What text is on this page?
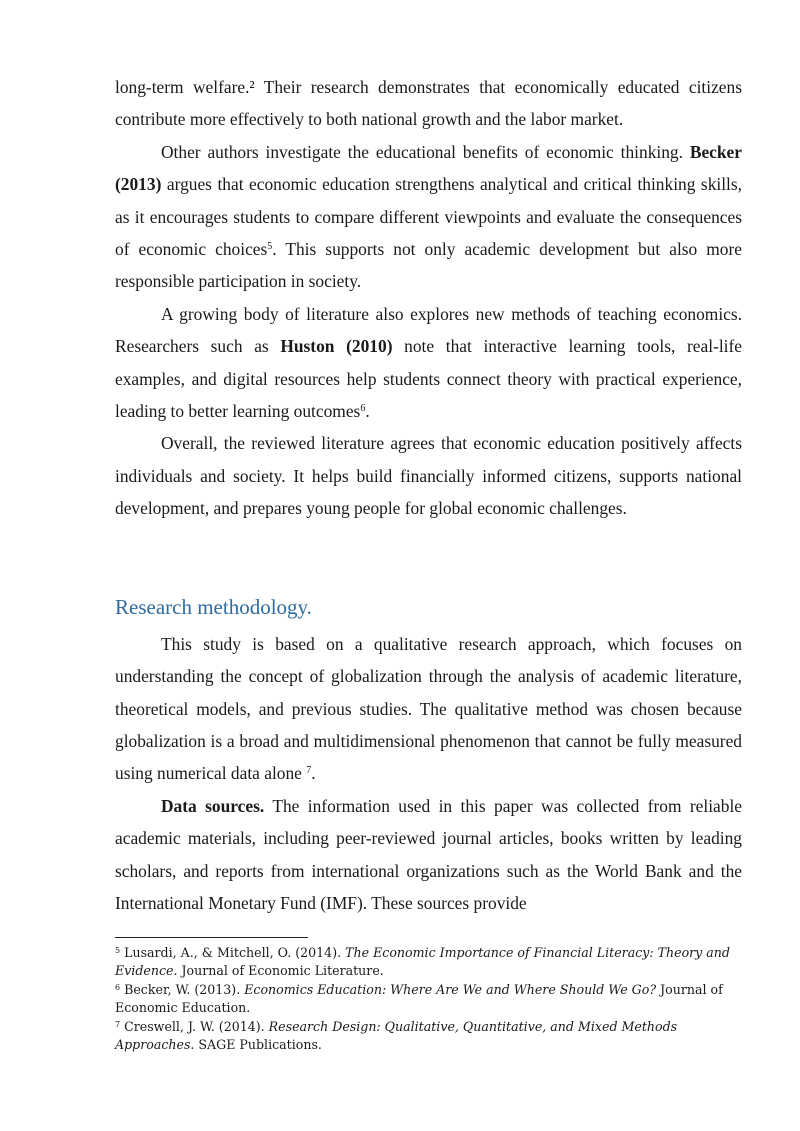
long-term welfare.² Their research demonstrates that economically educated citizens contribute more effectively to both national growth and the labor market.

Other authors investigate the educational benefits of economic thinking. Becker (2013) argues that economic education strengthens analytical and critical thinking skills, as it encourages students to compare different viewpoints and evaluate the consequences of economic choices$^5$. This supports not only academic development but also more responsible participation in society.

A growing body of literature also explores new methods of teaching economics. Researchers such as Huston (2010) note that interactive learning tools, real-life examples, and digital resources help students connect theory with practical experience, leading to better learning outcomes$^6$.

Overall, the reviewed literature agrees that economic education positively affects individuals and society. It helps build financially informed citizens, supports national development, and prepares young people for global economic challenges.

Research methodology.

This study is based on a qualitative research approach, which focuses on understanding the concept of globalization through the analysis of academic literature, theoretical models, and previous studies. The qualitative method was chosen because globalization is a broad and multidimensional phenomenon that cannot be fully measured using numerical data alone $^7$.

Data sources. The information used in this paper was collected from reliable academic materials, including peer-reviewed journal articles, books written by leading scholars, and reports from international organizations such as the World Bank and the International Monetary Fund (IMF). These sources provide

$^5$ Lusardi, A., & Mitchell, O. (2014). The Economic Importance of Financial Literacy: Theory and Evidence. Journal of Economic Literature.

$^6$ Becker, W. (2013). Economics Education: Where Are We and Where Should We Go? Journal of Economic Education.

$^7$ Creswell, J. W. (2014). Research Design: Qualitative, Quantitative, and Mixed Methods Approaches. SAGE Publications.
